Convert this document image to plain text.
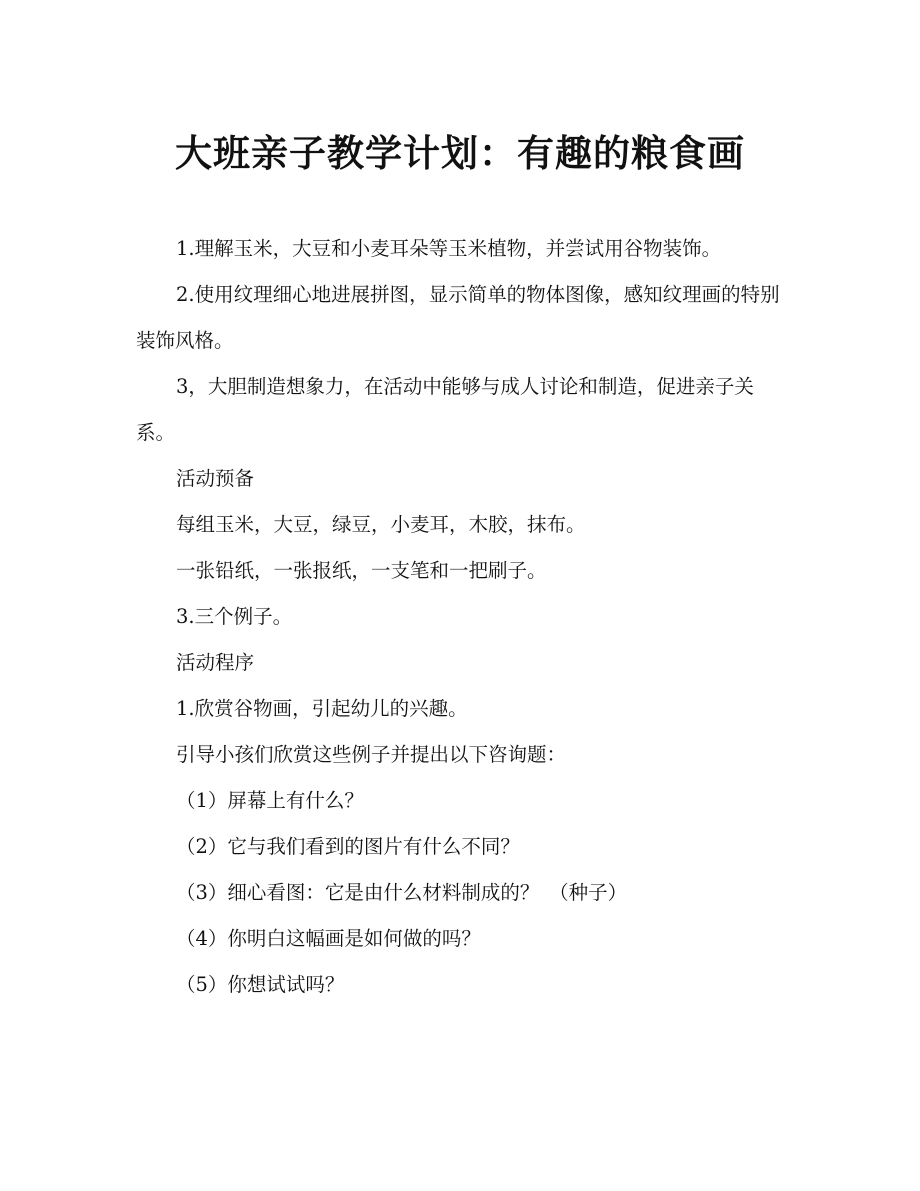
大班亲子教学计划：有趣的粮食画

1.理解玉米，大豆和小麦耳朵等玉米植物，并尝试用谷物装饰。

2.使用纹理细心地进展拼图，显示简单的物体图像，感知纹理画的特别装饰风格。

3，大胆制造想象力，在活动中能够与成人讨论和制造，促进亲子关系。

活动预备

每组玉米，大豆，绿豆，小麦耳，木胶，抹布。

一张铅纸，一张报纸，一支笔和一把刷子。

3.三个例子。

活动程序

1.欣赏谷物画，引起幼儿的兴趣。

引导小孩们欣赏这些例子并提出以下咨询题：

（1）屏幕上有什么？

（2）它与我们看到的图片有什么不同？

（3）细心看图：它是由什么材料制成的？　（种子）

（4）你明白这幅画是如何做的吗？

（5）你想试试吗？
